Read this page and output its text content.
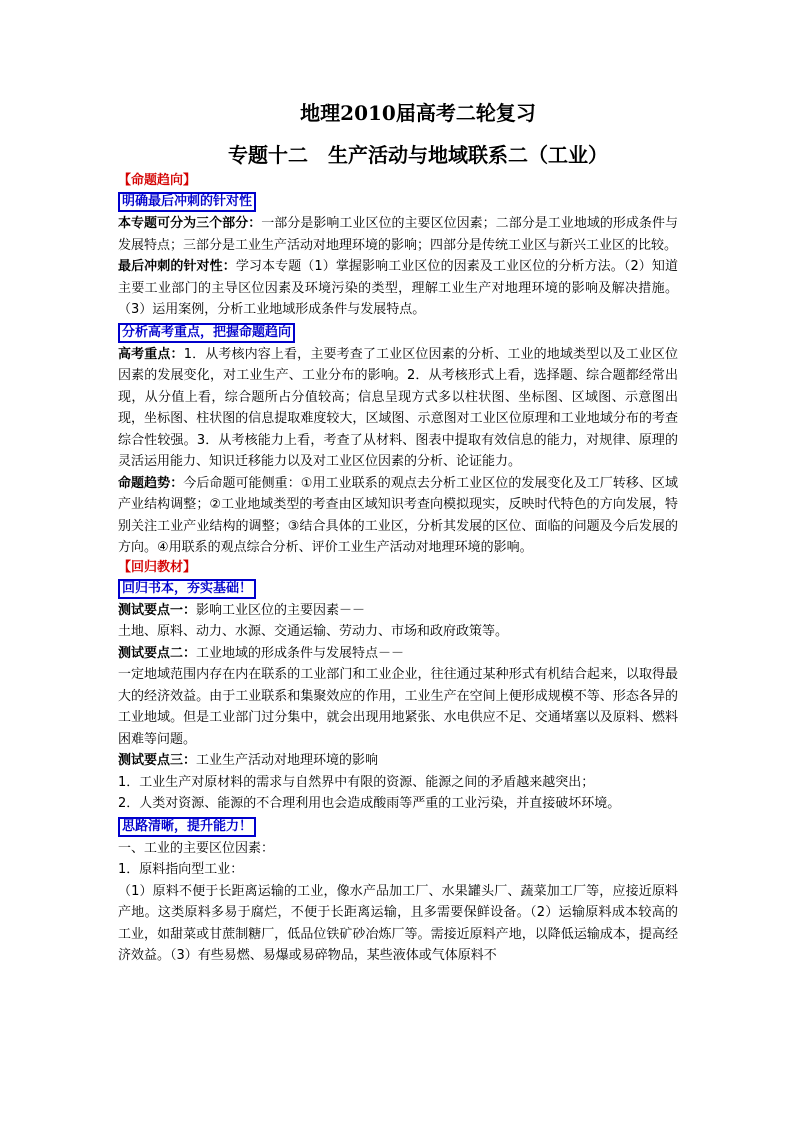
地理2010届高考二轮复习
专题十二　生产活动与地域联系二（工业）
【命题趋向】
明确最后冲刺的针对性

本专题可分为三个部分：一部分是影响工业区位的主要区位因素；二部分是工业地域的形成条件与发展特点；三部分是工业生产活动对地理环境的影响；四部分是传统工业区与新兴工业区的比较。

最后冲刺的针对性：学习本专题（1）掌握影响工业区位的因素及工业区位的分析方法。（2）知道主要工业部门的主导区位因素及环境污染的类型，理解工业生产对地理环境的影响及解决措施。（3）运用案例，分析工业地域形成条件与发展特点。

分析高考重点，把握命题趋向

高考重点：1．从考核内容上看，主要考查了工业区位因素的分析、工业的地域类型以及工业区位因素的发展变化，对工业生产、工业分布的影响。2．从考核形式上看，选择题、综合题都经常出现，从分值上看，综合题所占分值较高；信息呈现方式多以柱状图、坐标图、区域图、示意图出现，坐标图、柱状图的信息提取难度较大，区域图、示意图对工业区位原理和工业地域分布的考查综合性较强。3．从考核能力上看，考查了从材料、图表中提取有效信息的能力，对规律、原理的灵活运用能力、知识迁移能力以及对工业区位因素的分析、论证能力。

命题趋势：今后命题可能侧重：①用工业联系的观点去分析工业区位的发展变化及工厂转移、区域产业结构调整；②工业地域类型的考查由区域知识考查向模拟现实，反映时代特色的方向发展，特别关注工业产业结构的调整；③结合具体的工业区，分析其发展的区位、面临的问题及今后发展的方向。④用联系的观点综合分析、评价工业生产活动对地理环境的影响。

【回归教材】
回归书本，夯实基础！

测试要点一：影响工业区位的主要因素－－

土地、原料、动力、水源、交通运输、劳动力、市场和政府政策等。

测试要点二：工业地域的形成条件与发展特点－－

一定地域范围内存在内在联系的工业部门和工业企业，往往通过某种形式有机结合起来，以取得最大的经济效益。由于工业联系和集聚效应的作用，工业生产在空间上便形成规模不等、形态各异的工业地域。但是工业部门过分集中，就会出现用地紧张、水电供应不足、交通堵塞以及原料、燃料困难等问题。

测试要点三：工业生产活动对地理环境的影响

1．工业生产对原材料的需求与自然界中有限的资源、能源之间的矛盾越来越突出；

2．人类对资源、能源的不合理利用也会造成酸雨等严重的工业污染，并直接破坏环境。

思路清晰，提升能力！

一、工业的主要区位因素：

1．原料指向型工业：

（1）原料不便于长距离运输的工业，像水产品加工厂、水果罐头厂、蔬菜加工厂等，应接近原料产地。这类原料多易于腐烂，不便于长距离运输，且多需要保鲜设备。（2）运输原料成本较高的工业，如甜菜或甘蔗制糖厂，低品位铁矿砂冶炼厂等。需接近原料产地，以降低运输成本，提高经济效益。（3）有些易燃、易爆或易碎物品，某些液体或气体原料不
